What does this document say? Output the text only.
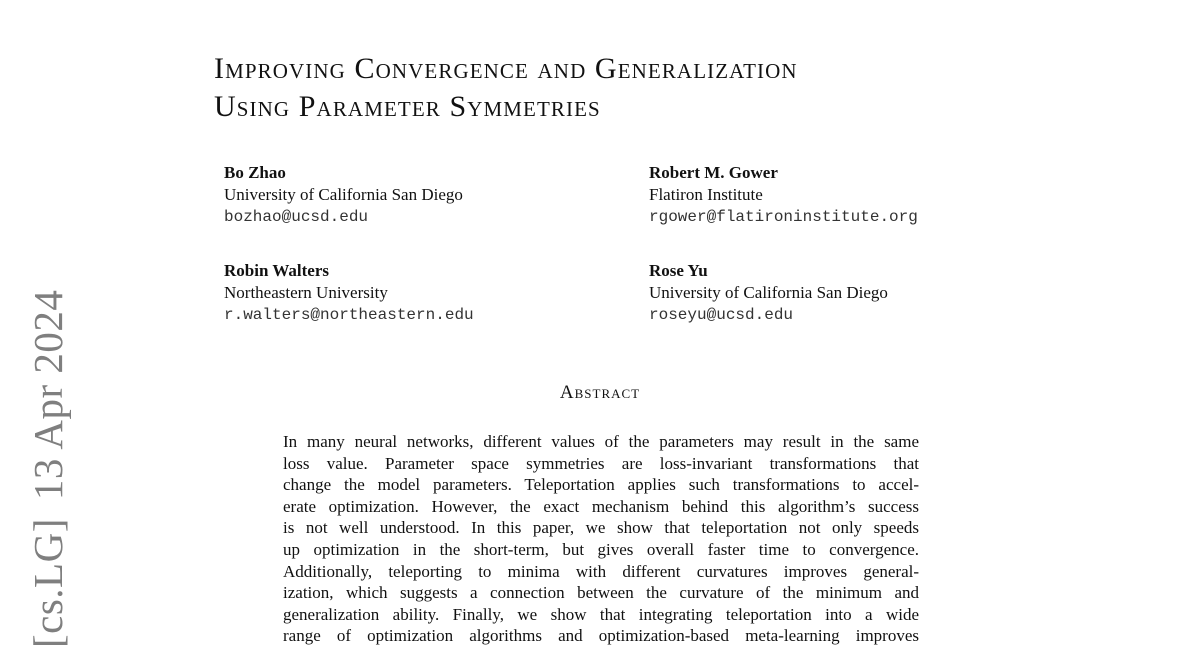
[cs.LG]13 Apr 2024
Improving Convergence and Generalization
Using Parameter Symmetries
Bo Zhao
University of California San Diego
bozhao@ucsd.edu
Robert M. Gower
Flatiron Institute
rgower@flatironinstitute.org
Robin Walters
Northeastern University
r.walters@northeastern.edu
Rose Yu
University of California San Diego
roseyu@ucsd.edu
Abstract
In many neural networks, different values of the parameters may result in the same
loss value. Parameter space symmetries are loss-invariant transformations that
change the model parameters. Teleportation applies such transformations to accel-
erate optimization. However, the exact mechanism behind this algorithm’s success
is not well understood. In this paper, we show that teleportation not only speeds
up optimization in the short-term, but gives overall faster time to convergence.
Additionally, teleporting to minima with different curvatures improves general-
ization, which suggests a connection between the curvature of the minimum and
generalization ability. Finally, we show that integrating teleportation into a wide
range of optimization algorithms and optimization-based meta-learning improves
